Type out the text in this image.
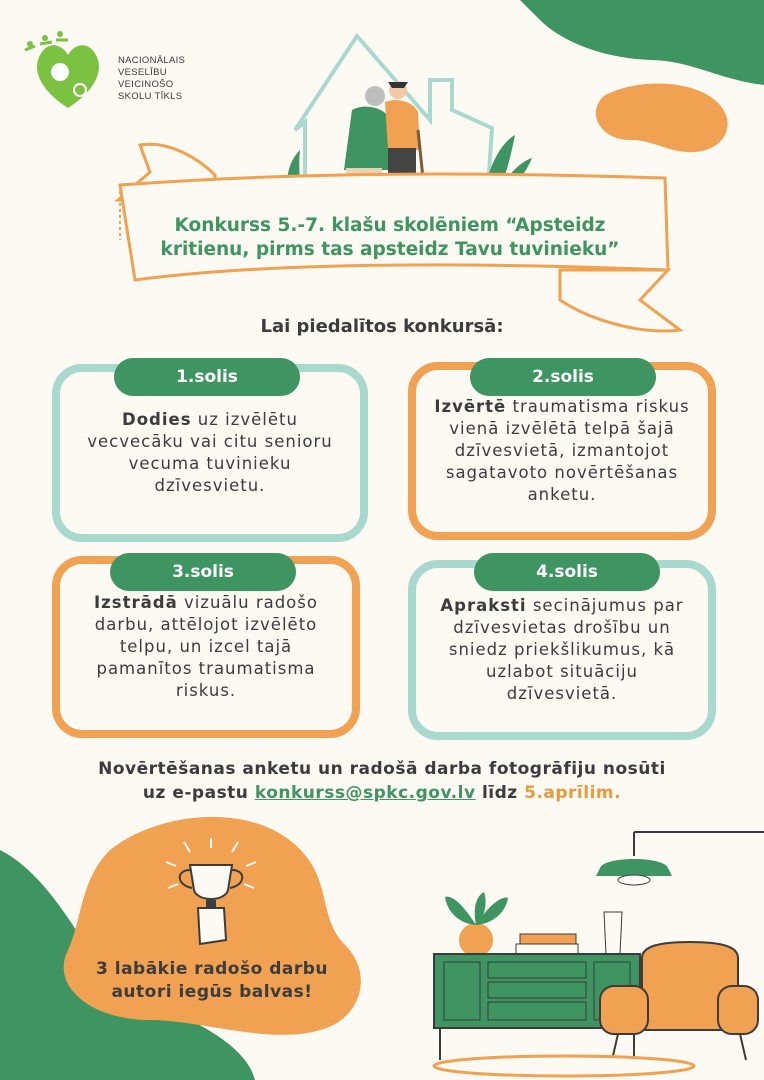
NACIONĀLAIS
VESELĪBU
VEICINOŠO
SKOLU TĪKLS
Konkurss 5.-7. klašu skolēniem “Apsteidz
kritienu, pirms tas apsteidz Tavu tuvinieku”
Lai piedalītos konkursā:
Dodies uz izvēlētu vecvecāku vai citu senioru vecuma tuvinieku dzīvesvietu.
1.solis
Izvērtē traumatisma riskus vienā izvēlētā telpā šajā dzīvesvietā, izmantojot sagatavoto novērtēšanas anketu.
2.solis
Izstrādā vizuālu radošo darbu, attēlojot izvēlēto telpu, un izcel tajā pamanītos traumatisma riskus.
3.solis
Apraksti secinājumus par dzīvesvietas drošību un sniedz priekšlikumus, kā uzlabot situāciju dzīvesvietā.
4.solis
Novērtēšanas anketu un radošā darba fotogrāfiju nosūti
uz e-pastu konkurss@spkc.gov.lv līdz 5.aprīlim.
3 labākie radošo darbu
autori iegūs balvas!
